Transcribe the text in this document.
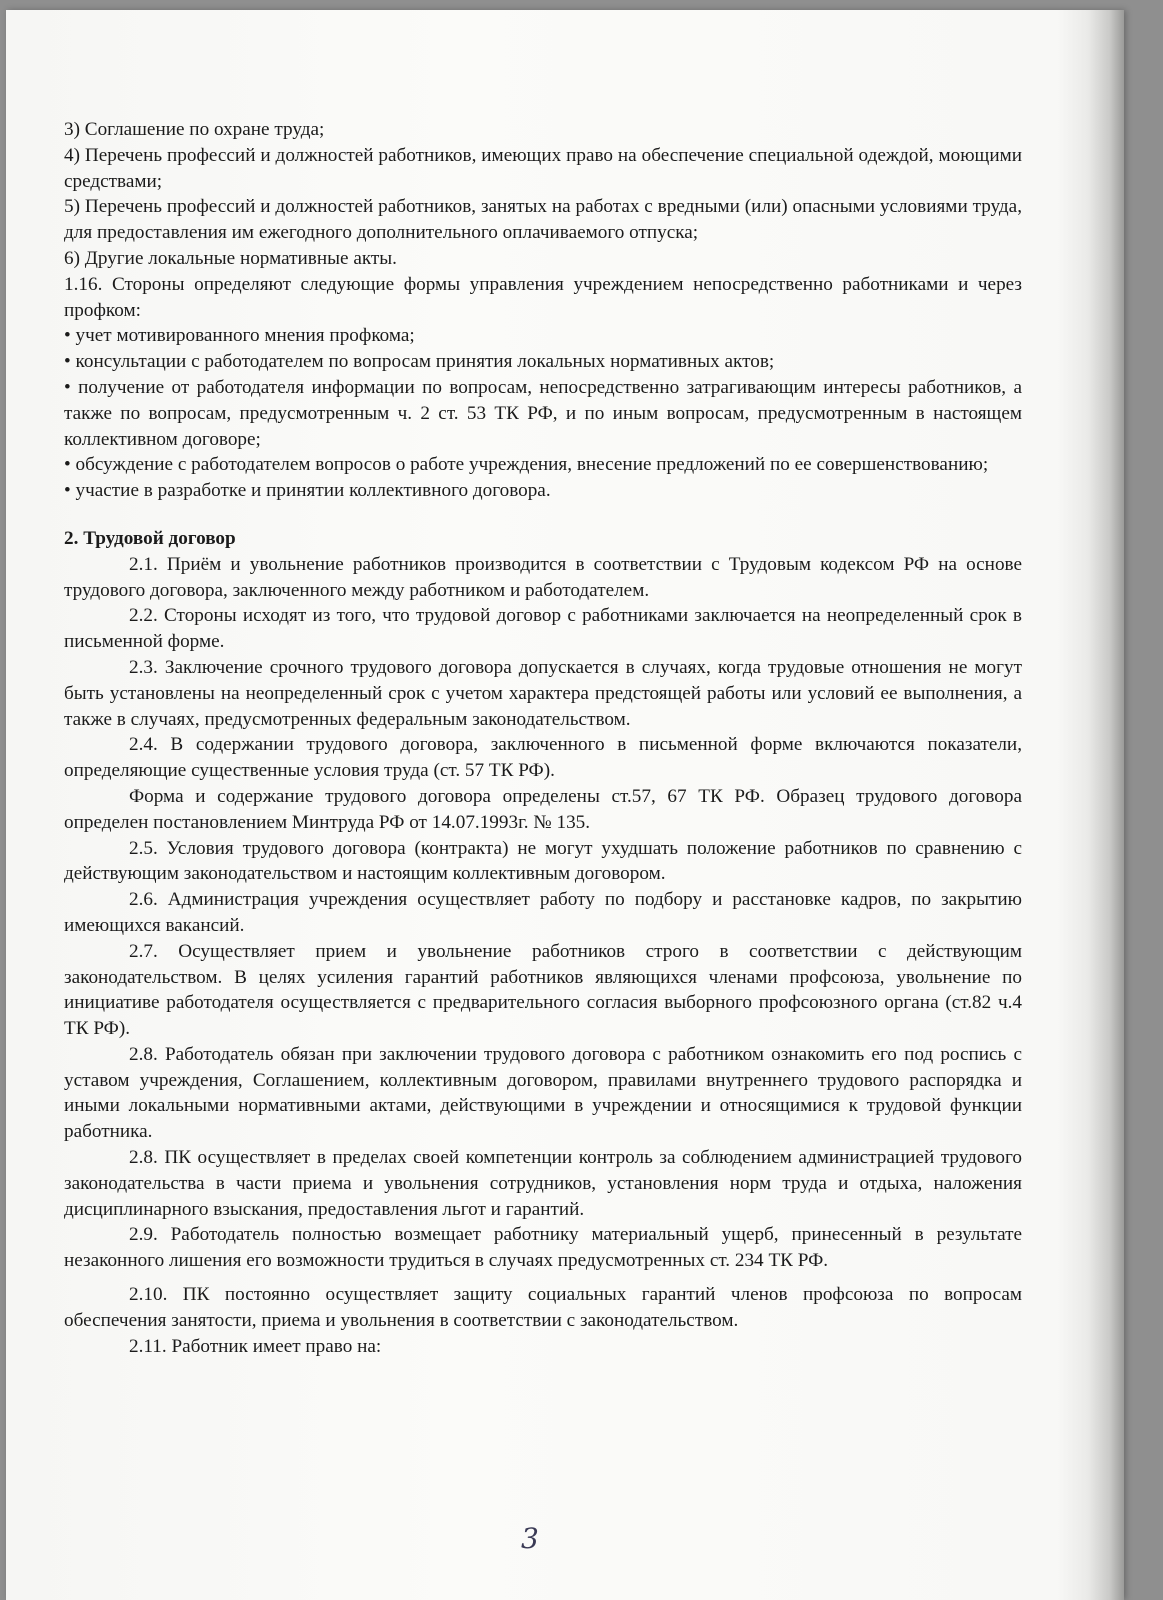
3) Соглашение по охране труда;

4) Перечень профессий и должностей работников, имеющих право на обеспечение специальной одеждой, моющими средствами;

5) Перечень профессий и должностей работников, занятых на работах с вредными (или) опасными условиями труда, для предоставления им ежегодного дополнительного оплачиваемого отпуска;

6) Другие локальные нормативные акты.

1.16. Стороны определяют следующие формы управления учреждением непосредственно работниками и через профком:

• учет мотивированного мнения профкома;

• консультации с работодателем по вопросам принятия локальных нормативных актов;

• получение от работодателя информации по вопросам, непосредственно затрагивающим интересы работников, а также по вопросам, предусмотренным ч. 2 ст. 53 ТК РФ, и по иным вопросам, предусмотренным в настоящем коллективном договоре;

• обсуждение с работодателем вопросов о работе учреждения, внесение предложений по ее совершенствованию;

• участие в разработке и принятии коллективного договора.

2. Трудовой договор

2.1. Приём и увольнение работников производится в соответствии с Трудовым кодексом РФ на основе трудового договора, заключенного между работником и работодателем.

2.2. Стороны исходят из того, что трудовой договор с работниками заключается на неопределенный срок в письменной форме.

2.3. Заключение срочного трудового договора допускается в случаях, когда трудовые отношения не могут быть установлены на неопределенный срок с учетом характера предстоящей работы или условий ее выполнения, а также в случаях, предусмотренных федеральным законодательством.

2.4. В содержании трудового договора, заключенного в письменной форме включаются показатели, определяющие существенные условия труда (ст. 57 ТК РФ).

Форма и содержание трудового договора определены ст.57, 67 ТК РФ. Образец трудового договора определен постановлением Минтруда РФ от 14.07.1993г. № 135.

2.5. Условия трудового договора (контракта) не могут ухудшать положение работников по сравнению с действующим законодательством и настоящим коллективным договором.

2.6. Администрация учреждения осуществляет работу по подбору и расстановке кадров, по закрытию имеющихся вакансий.

2.7. Осуществляет прием и увольнение работников строго в соответствии с действующим законодательством. В целях усиления гарантий работников являющихся членами профсоюза, увольнение по инициативе работодателя осуществляется с предварительного согласия выборного профсоюзного органа (ст.82 ч.4 ТК РФ).

2.8. Работодатель обязан при заключении трудового договора с работником ознакомить его под роспись с уставом учреждения, Соглашением, коллективным договором, правилами внутреннего трудового распорядка и иными локальными нормативными актами, действующими в учреждении и относящимися к трудовой функции работника.

2.8. ПК осуществляет в пределах своей компетенции контроль за соблюдением администрацией трудового законодательства в части приема и увольнения сотрудников, установления норм труда и отдыха, наложения дисциплинарного взыскания, предоставления льгот и гарантий.

2.9. Работодатель полностью возмещает работнику материальный ущерб, принесенный в результате незаконного лишения его возможности трудиться в случаях предусмотренных ст. 234 ТК РФ.

2.10. ПК постоянно осуществляет защиту социальных гарантий членов профсоюза по вопросам обеспечения занятости, приема и увольнения в соответствии с законодательством.

2.11. Работник имеет право на:

3
